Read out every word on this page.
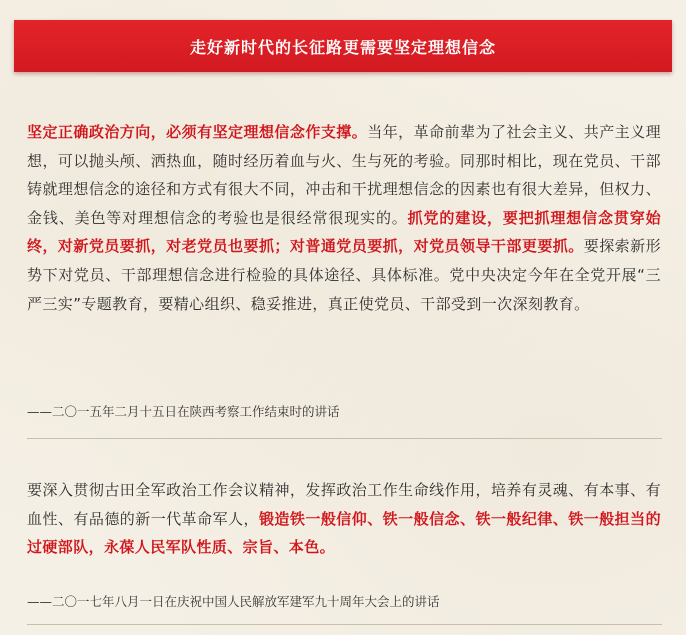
走好新时代的长征路更需要坚定理想信念

坚定正确政治方向，必须有坚定理想信念作支撑。当年，革命前辈为了社会主义、共产主义理想，可以抛头颅、洒热血，随时经历着血与火、生与死的考验。同那时相比，现在党员、干部铸就理想信念的途径和方式有很大不同，冲击和干扰理想信念的因素也有很大差异，但权力、金钱、美色等对理想信念的考验也是很经常很现实的。抓党的建设，要把抓理想信念贯穿始终，对新党员要抓，对老党员也要抓；对普通党员要抓，对党员领导干部更要抓。要探索新形势下对党员、干部理想信念进行检验的具体途径、具体标准。党中央决定今年在全党开展“三严三实”专题教育，要精心组织、稳妥推进，真正使党员、干部受到一次深刻教育。

——二〇一五年二月十五日在陕西考察工作结束时的讲话

要深入贯彻古田全军政治工作会议精神，发挥政治工作生命线作用，培养有灵魂、有本事、有血性、有品德的新一代革命军人，锻造铁一般信仰、铁一般信念、铁一般纪律、铁一般担当的过硬部队，永葆人民军队性质、宗旨、本色。

——二〇一七年八月一日在庆祝中国人民解放军建军九十周年大会上的讲话
